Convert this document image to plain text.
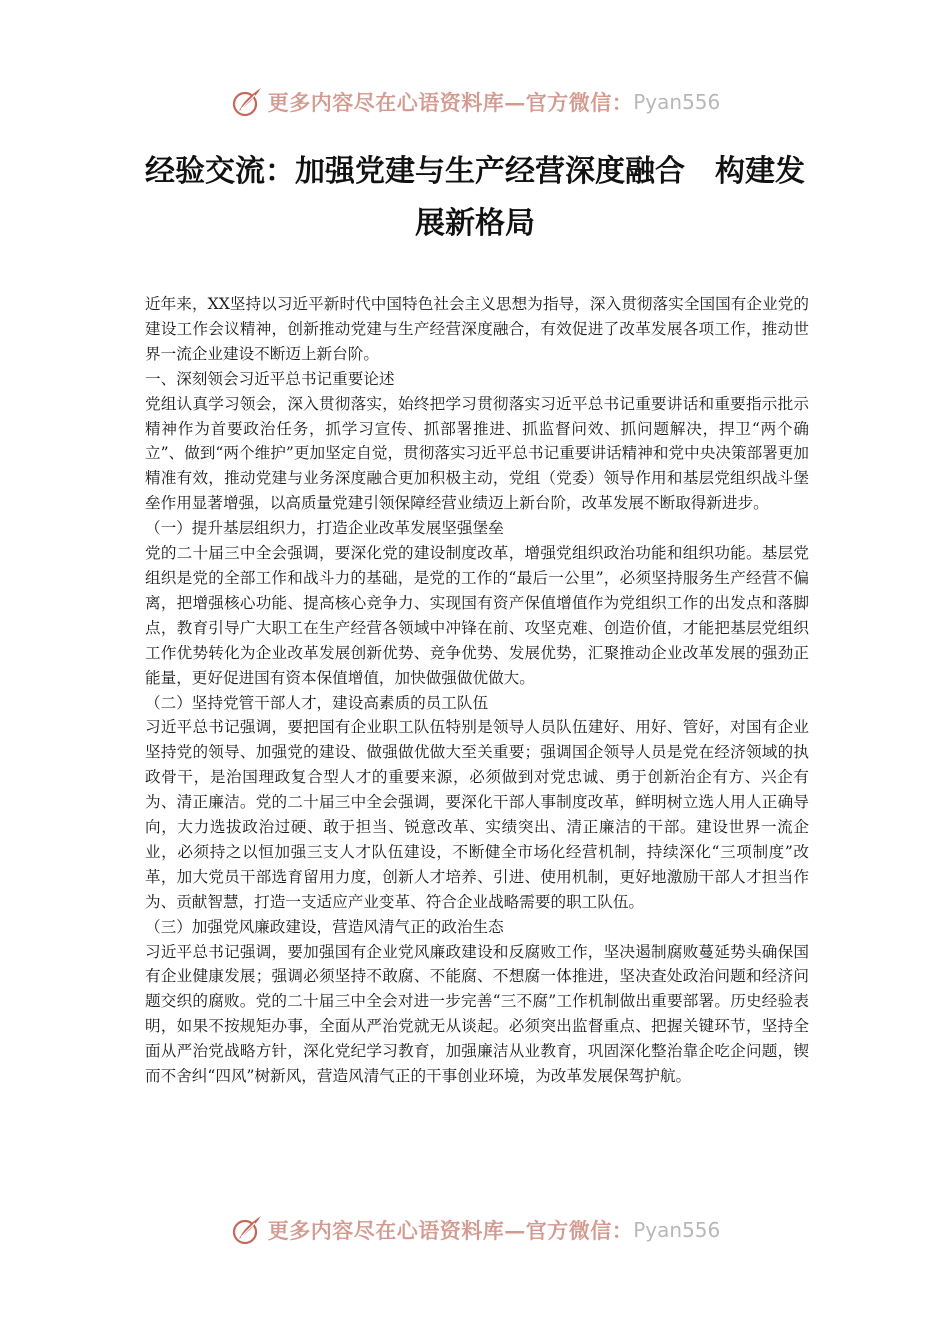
更多内容尽在心语资料库 —官方微信： Pyan556
经验交流：加强党建与生产经营深度融合　构建发
展新格局

近年来，XX坚持以习近平新时代中国特色社会主义思想为指导，深入贯彻落实全国国有企业党的建设工作会议精神，创新推动党建与生产经营深度融合，有效促进了改革发展各项工作，推动世界一流企业建设不断迈上新台阶。

一、深刻领会习近平总书记重要论述

党组认真学习领会，深入贯彻落实，始终把学习贯彻落实习近平总书记重要讲话和重要指示批示精神作为首要政治任务，抓学习宣传、抓部署推进、抓监督问效、抓问题解决，捍卫“两个确立”、做到“两个维护”更加坚定自觉，贯彻落实习近平总书记重要讲话精神和党中央决策部署更加精准有效，推动党建与业务深度融合更加积极主动，党组（党委）领导作用和基层党组织战斗堡垒作用显著增强，以高质量党建引领保障经营业绩迈上新台阶，改革发展不断取得新进步。

（一）提升基层组织力，打造企业改革发展坚强堡垒

党的二十届三中全会强调，要深化党的建设制度改革，增强党组织政治功能和组织功能。基层党组织是党的全部工作和战斗力的基础，是党的工作的“最后一公里”，必须坚持服务生产经营不偏离，把增强核心功能、提高核心竞争力、实现国有资产保值增值作为党组织工作的出发点和落脚点，教育引导广大职工在生产经营各领域中冲锋在前、攻坚克难、创造价值，才能把基层党组织工作优势转化为企业改革发展创新优势、竞争优势、发展优势，汇聚推动企业改革发展的强劲正能量，更好促进国有资本保值增值，加快做强做优做大。

（二）坚持党管干部人才，建设高素质的员工队伍

习近平总书记强调，要把国有企业职工队伍特别是领导人员队伍建好、用好、管好，对国有企业坚持党的领导、加强党的建设、做强做优做大至关重要；强调国企领导人员是党在经济领域的执政骨干，是治国理政复合型人才的重要来源，必须做到对党忠诚、勇于创新治企有方、兴企有为、清正廉洁。党的二十届三中全会强调，要深化干部人事制度改革，鲜明树立选人用人正确导向，大力选拔政治过硬、敢于担当、锐意改革、实绩突出、清正廉洁的干部。建设世界一流企业，必须持之以恒加强三支人才队伍建设，不断健全市场化经营机制，持续深化“三项制度”改革，加大党员干部选育留用力度，创新人才培养、引进、使用机制，更好地激励干部人才担当作为、贡献智慧，打造一支适应产业变革、符合企业战略需要的职工队伍。

（三）加强党风廉政建设，营造风清气正的政治生态

习近平总书记强调，要加强国有企业党风廉政建设和反腐败工作，坚决遏制腐败蔓延势头确保国有企业健康发展；强调必须坚持不敢腐、不能腐、不想腐一体推进，坚决查处政治问题和经济问题交织的腐败。党的二十届三中全会对进一步完善“三不腐”工作机制做出重要部署。历史经验表明，如果不按规矩办事，全面从严治党就无从谈起。必须突出监督重点、把握关键环节，坚持全面从严治党战略方针，深化党纪学习教育，加强廉洁从业教育，巩固深化整治靠企吃企问题，锲而不舍纠“四风”树新风，营造风清气正的干事创业环境，为改革发展保驾护航。

更多内容尽在心语资料库 —官方微信： Pyan556
